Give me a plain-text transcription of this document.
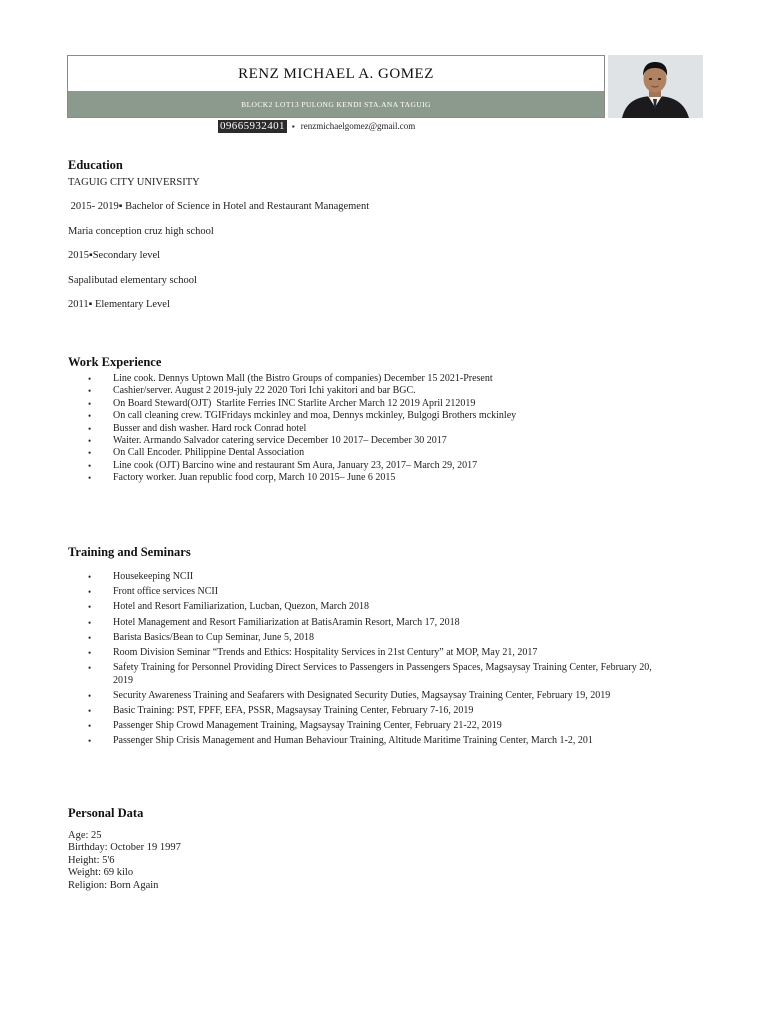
RENZ MICHAEL A. GOMEZ
BLOCK2 LOT13 PULONG KENDI STA.ANA TAGUIG
09665932401 ▪ renzmichaelgomez@gmail.com
Education
TAGUIG CITY UNIVERSITY
2015- 2019▪ Bachelor of Science in Hotel and Restaurant Management
Maria conception cruz high school
2015▪Secondary level
Sapalibutad elementary school
2011▪ Elementary Level
Work Experience
• Line cook. Dennys Uptown Mall (the Bistro Groups of companies) December 15 2021-Present
• Cashier/server. August 2 2019-july 22 2020 Tori Ichi yakitori and bar BGC.
• On Board Steward(OJT)  Starlite Ferries INC Starlite Archer March 12 2019 April 212019
• On call cleaning crew. TGIFridays mckinley and moa, Dennys mckinley, Bulgogi Brothers mckinley
• Busser and dish washer. Hard rock Conrad hotel
• Waiter. Armando Salvador catering service December 10 2017– December 30 2017
• On Call Encoder. Philippine Dental Association
• Line cook (OJT) Barcino wine and restaurant Sm Aura, January 23, 2017– March 29, 2017
• Factory worker. Juan republic food corp, March 10 2015– June 6 2015
Training and Seminars
• Housekeeping NCII
• Front office services NCII
• Hotel and Resort Familiarization, Lucban, Quezon, March 2018
• Hotel Management and Resort Familiarization at BatisAramin Resort, March 17, 2018
• Barista Basics/Bean to Cup Seminar, June 5, 2018
• Room Division Seminar “Trends and Ethics: Hospitality Services in 21st Century” at MOP, May 21, 2017
• Safety Training for Personnel Providing Direct Services to Passengers in Passengers Spaces, Magsaysay Training Center, February 20, 2019
• Security Awareness Training and Seafarers with Designated Security Duties, Magsaysay Training Center, February 19, 2019
• Basic Training: PST, FPFF, EFA, PSSR, Magsaysay Training Center, February 7-16, 2019
• Passenger Ship Crowd Management Training, Magsaysay Training Center, February 21-22, 2019
• Passenger Ship Crisis Management and Human Behaviour Training, Altitude Maritime Training Center, March 1-2, 201
Personal Data
Age: 25
Birthday: October 19 1997
Height: 5'6
Weight: 69 kilo
Religion: Born Again
